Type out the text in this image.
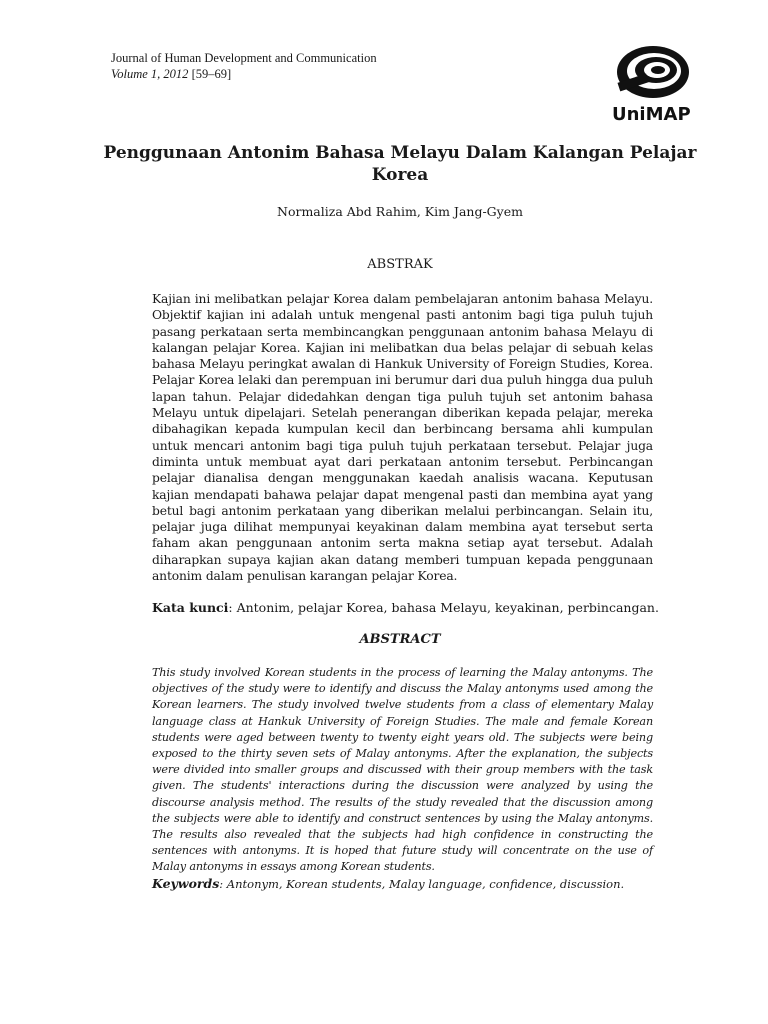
Journal of Human Development and Communication
Volume 1, 2012 [59–69]
UniMAP
Penggunaan Antonim Bahasa Melayu Dalam Kalangan Pelajar Korea
Normaliza Abd Rahim, Kim Jang-Gyem
ABSTRAK
Kajian ini melibatkan pelajar Korea dalam pembelajaran antonim bahasa Melayu. Objektif kajian ini adalah untuk mengenal pasti antonim bagi tiga puluh tujuh pasang perkataan serta membincangkan penggunaan antonim bahasa Melayu di kalangan pelajar Korea. Kajian ini melibatkan dua belas pelajar di sebuah kelas bahasa Melayu peringkat awalan di Hankuk University of Foreign Studies, Korea. Pelajar Korea lelaki dan perempuan ini berumur dari dua puluh hingga dua puluh lapan tahun. Pelajar didedahkan dengan tiga puluh tujuh set antonim bahasa Melayu untuk dipelajari. Setelah penerangan diberikan kepada pelajar, mereka dibahagikan kepada kumpulan kecil dan berbincang bersama ahli kumpulan untuk mencari antonim bagi tiga puluh tujuh perkataan tersebut. Pelajar juga diminta untuk membuat ayat dari perkataan antonim tersebut. Perbincangan pelajar dianalisa dengan menggunakan kaedah analisis wacana. Keputusan kajian mendapati bahawa pelajar dapat mengenal pasti dan membina ayat yang betul bagi antonim perkataan yang diberikan melalui perbincangan. Selain itu, pelajar juga dilihat mempunyai keyakinan dalam membina ayat tersebut serta faham akan penggunaan antonim serta makna setiap ayat tersebut. Adalah diharapkan supaya kajian akan datang memberi tumpuan kepada penggunaan antonim dalam penulisan karangan pelajar Korea.
Kata kunci: Antonim, pelajar Korea, bahasa Melayu, keyakinan, perbincangan.
ABSTRACT
This study involved Korean students in the process of learning the Malay antonyms. The objectives of the study were to identify and discuss the Malay antonyms used among the Korean learners. The study involved twelve students from a class of elementary Malay language class at Hankuk University of Foreign Studies. The male and female Korean students were aged between twenty to twenty eight years old. The subjects were being exposed to the thirty seven sets of Malay antonyms. After the explanation, the subjects were divided into smaller groups and discussed with their group members with the task given. The students' interactions during the discussion were analyzed by using the discourse analysis method. The results of the study revealed that the discussion among the subjects were able to identify and construct sentences by using the Malay antonyms. The results also revealed that the subjects had high confidence in constructing the sentences with antonyms. It is hoped that future study will concentrate on the use of Malay antonyms in essays among Korean students.
Keywords: Antonym, Korean students, Malay language, confidence, discussion.
